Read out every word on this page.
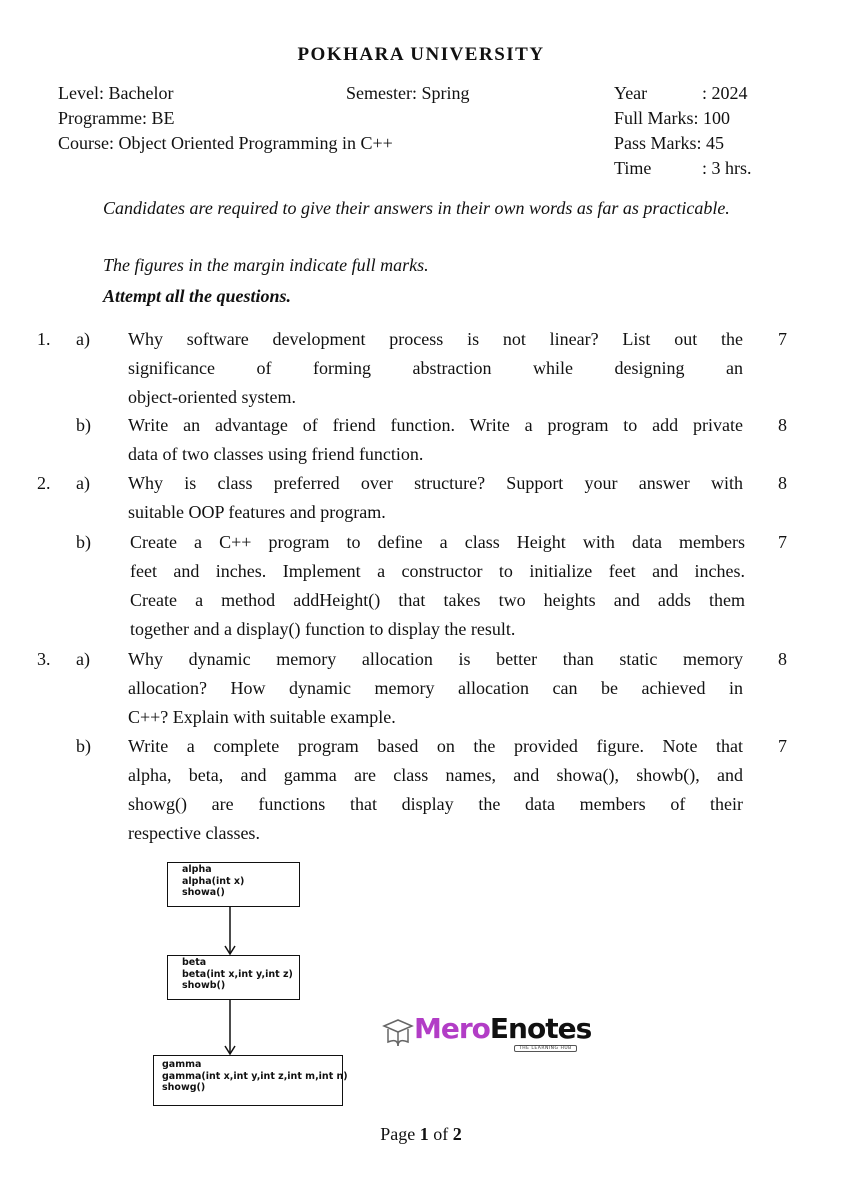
POKHARA UNIVERSITY
Level: Bachelor
Programme: BE
Course: Object Oriented Programming in C++
Semester: Spring	Year	: 2024
Full Marks: 100
Pass Marks: 45
Time	: 3 hrs.
Candidates are required to give their answers in their own words as far as practicable.
The figures in the margin indicate full marks.
Attempt all the questions.
1. a)	7
Why software development process is not linear? List out the
significance of forming abstraction while designing an
object-oriented system.
b)	8
Write an advantage of friend function. Write a program to add private
data of two classes using friend function.
2. a)	8
Why is class preferred over structure? Support your answer with
suitable OOP features and program.
b)	7
Create a C++ program to define a class Height with data members
feet and inches. Implement a constructor to initialize feet and inches.
Create a method addHeight() that takes two heights and adds them
together and a display() function to display the result.
3. a)	8
Why dynamic memory allocation is better than static memory
allocation? How dynamic memory allocation can be achieved in
C++? Explain with suitable example.
b)	7
Write a complete program based on the provided figure. Note that
alpha, beta, and gamma are class names, and showa(), showb(), and
showg() are functions that display the data members of their
respective classes.
alpha
alpha(int x)
showa()
beta
beta(int x,int y,int z)
showb()
gamma
gamma(int x,int y,int z,int m,int n)
showg()
MeroEnotes
THE LEARNING HUB
Page 1 of 2
